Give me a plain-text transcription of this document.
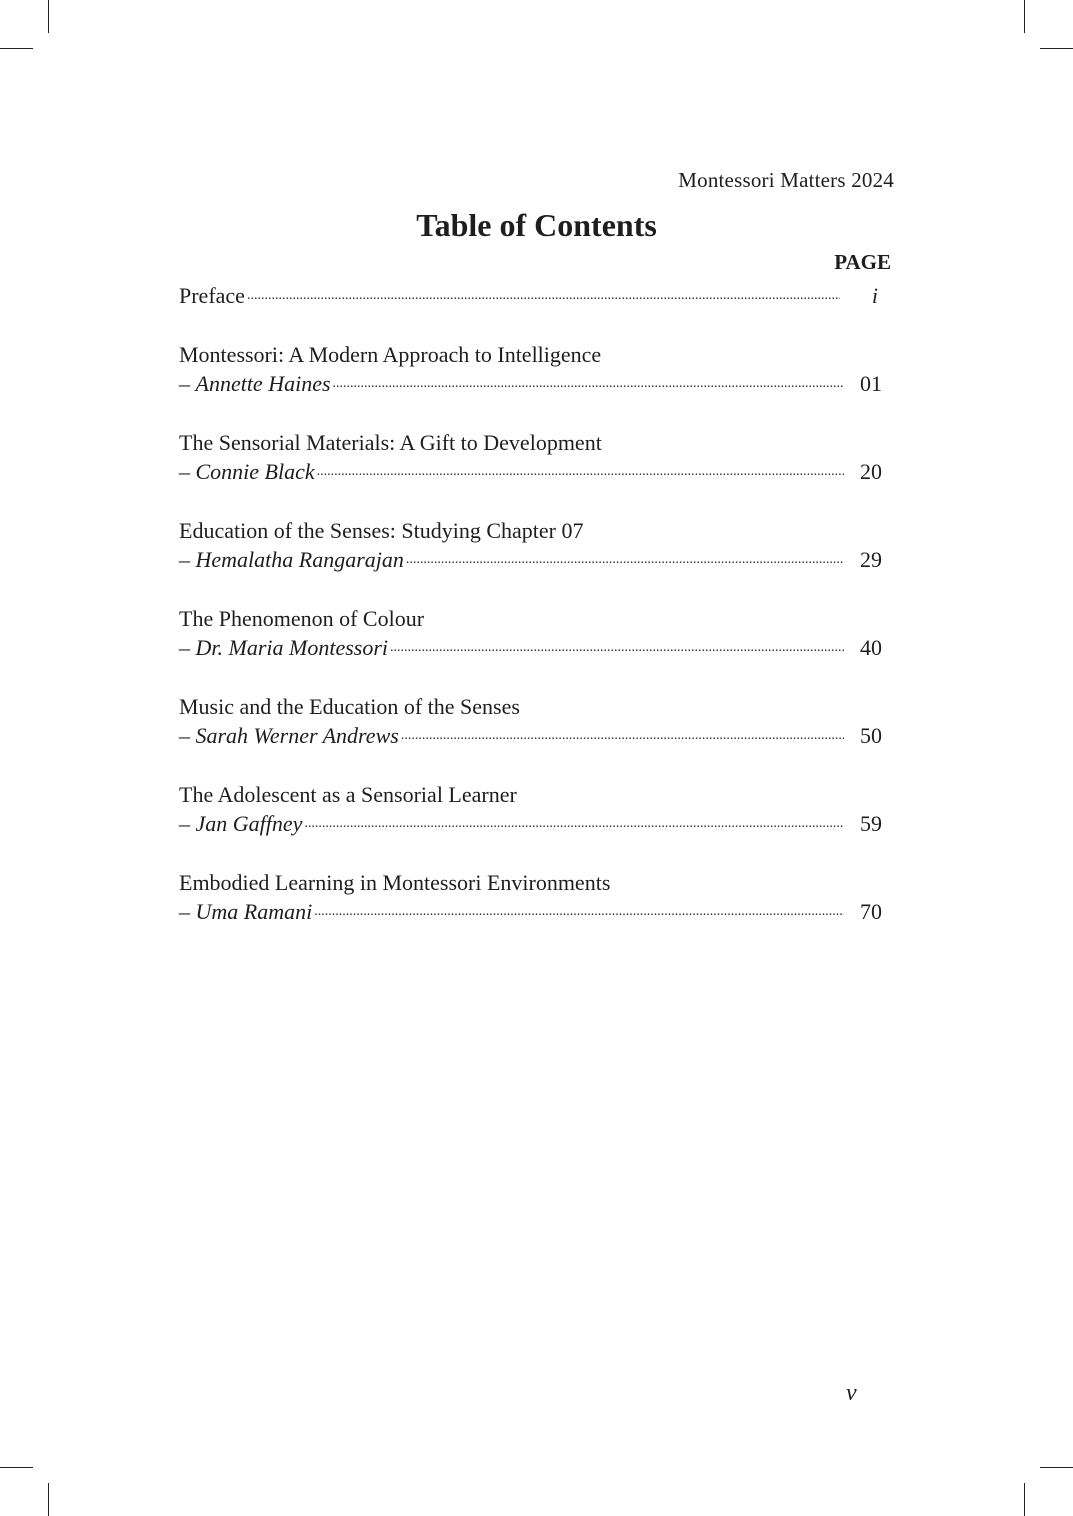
Montessori Matters 2024
Table of Contents
PAGE
Preface .....	i
Montessori: A Modern Approach to Intelligence
– Annette Haines .....	01
The Sensorial Materials: A Gift to Development
– Connie Black .....	20
Education of the Senses: Studying Chapter 07
– Hemalatha Rangarajan .....	29
The Phenomenon of Colour
– Dr. Maria Montessori .....	40
Music and the Education of the Senses
– Sarah Werner Andrews .....	50
The Adolescent as a Sensorial Learner
– Jan Gaffney .....	59
Embodied Learning in Montessori Environments
– Uma Ramani .....	70
v
